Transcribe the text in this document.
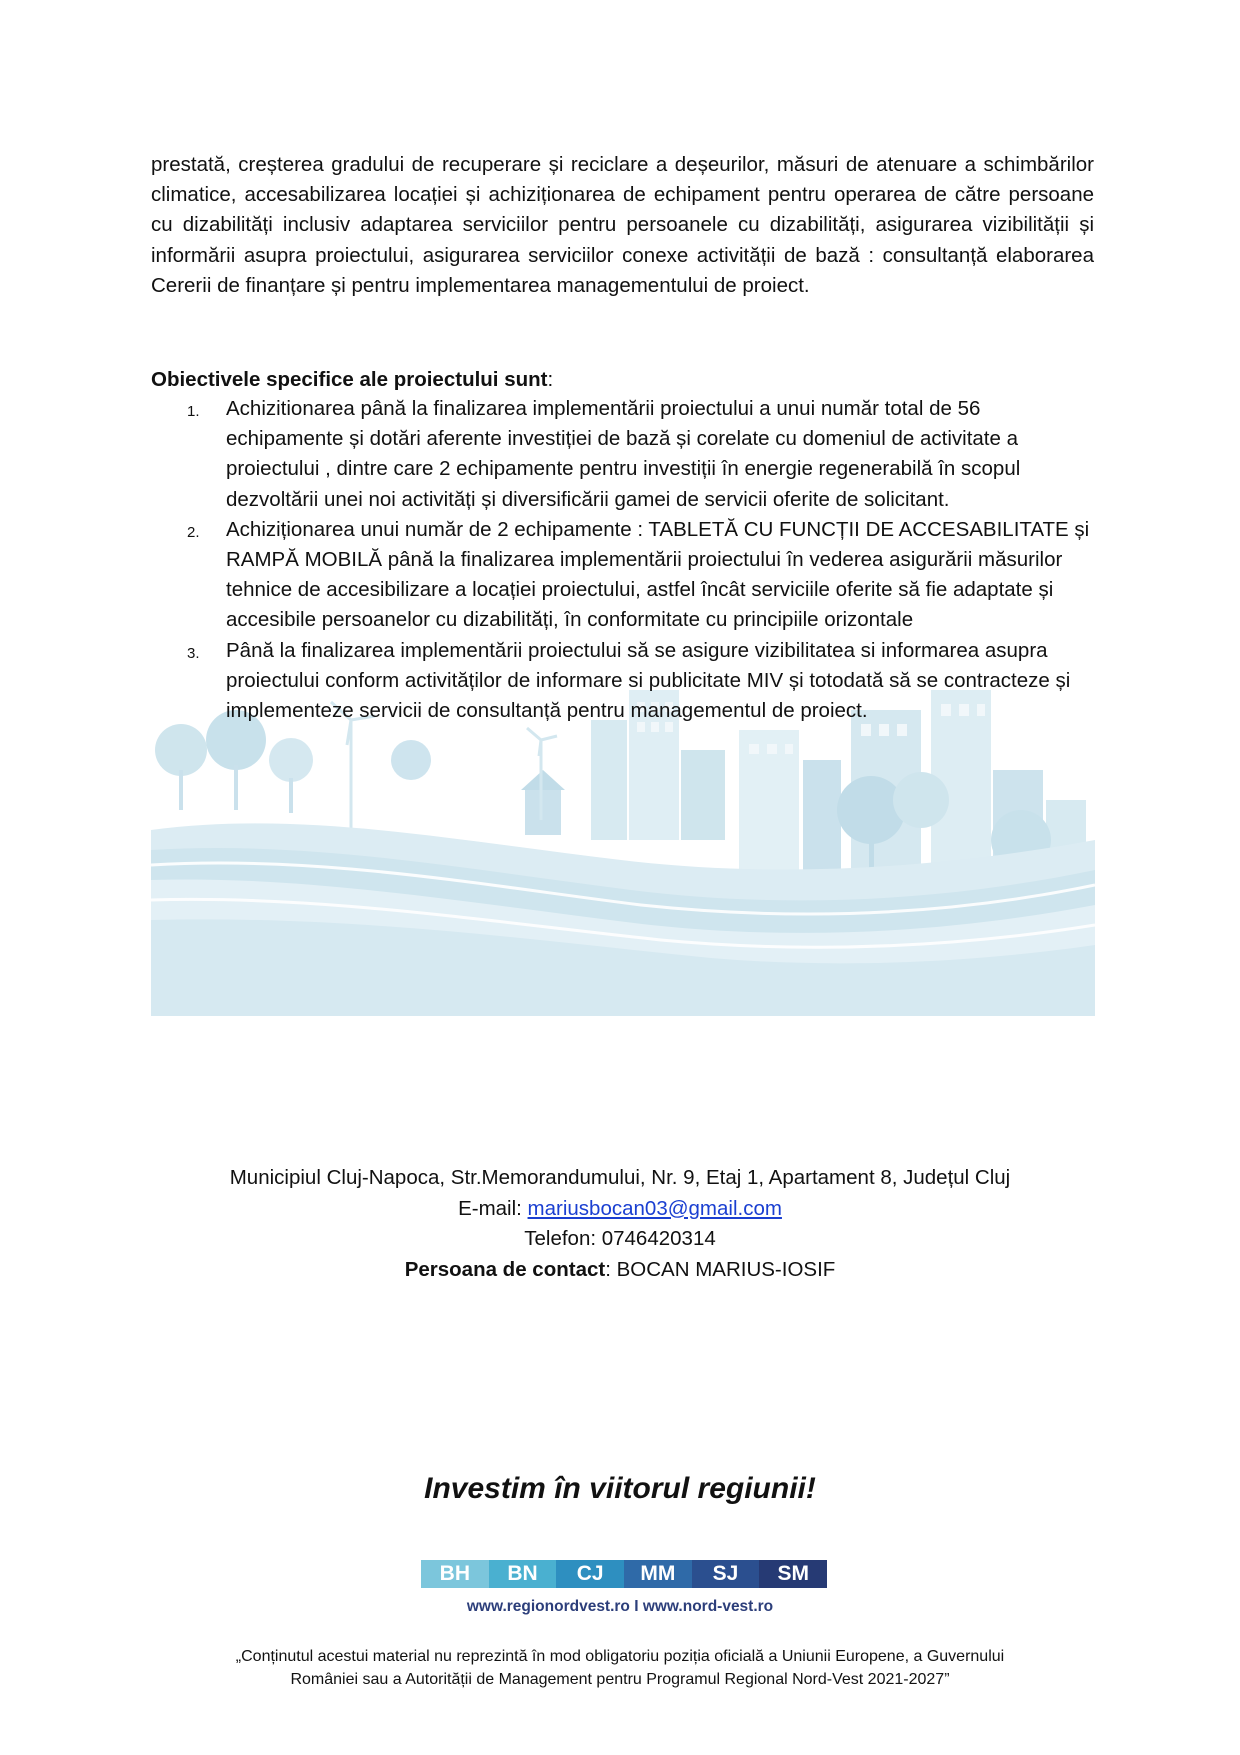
prestată, creșterea gradului de recuperare și reciclare a deșeurilor, măsuri de atenuare a schimbărilor climatice, accesabilizarea locației și achiziționarea de echipament pentru operarea de către persoane cu dizabilități inclusiv adaptarea serviciilor pentru persoanele cu dizabilități, asigurarea vizibilității și informării asupra proiectului, asigurarea serviciilor conexe activității de bază : consultanță elaborarea Cererii de finanțare și pentru implementarea managementului de proiect.

Obiectivele specifice ale proiectului sunt:

1. Achizitionarea până la finalizarea implementării proiectului a unui număr total de 56 echipamente și dotări aferente investiției de bază și corelate cu domeniul de activitate a proiectului , dintre care 2 echipamente pentru investiții în energie regenerabilă în scopul dezvoltării unei noi activități și diversificării gamei de servicii oferite de solicitant.
2. Achiziționarea unui număr de 2 echipamente : TABLETĂ CU FUNCȚII DE ACCESABILITATE și RAMPĂ MOBILĂ până la finalizarea implementării proiectului în vederea asigurării măsurilor tehnice de accesibilizare a locației proiectului, astfel încât serviciile oferite să fie adaptate și accesibile persoanelor cu dizabilități, în conformitate cu principiile orizontale
3. Până la finalizarea implementării proiectului să se asigure vizibilitatea si informarea asupra proiectului conform activităților de informare si publicitate MIV și totodată să se contracteze și implementeze servicii de consultanță pentru managementul de proiect.
Municipiul Cluj-Napoca, Str.Memorandumului, Nr. 9, Etaj 1, Apartament 8, Județul Cluj
E-mail: mariusbocan03@gmail.com
Telefon: 0746420314
Persoana de contact: BOCAN MARIUS-IOSIF
Investim în viitorul regiunii!
BH	BN	CJ	MM	SJ	SM
www.regionordvest.ro I www.nord-vest.ro
„Conținutul acestui material nu reprezintă în mod obligatoriu poziția oficială a Uniunii Europene, a Guvernului
României sau a Autorității de Management pentru Programul Regional Nord-Vest 2021-2027”
